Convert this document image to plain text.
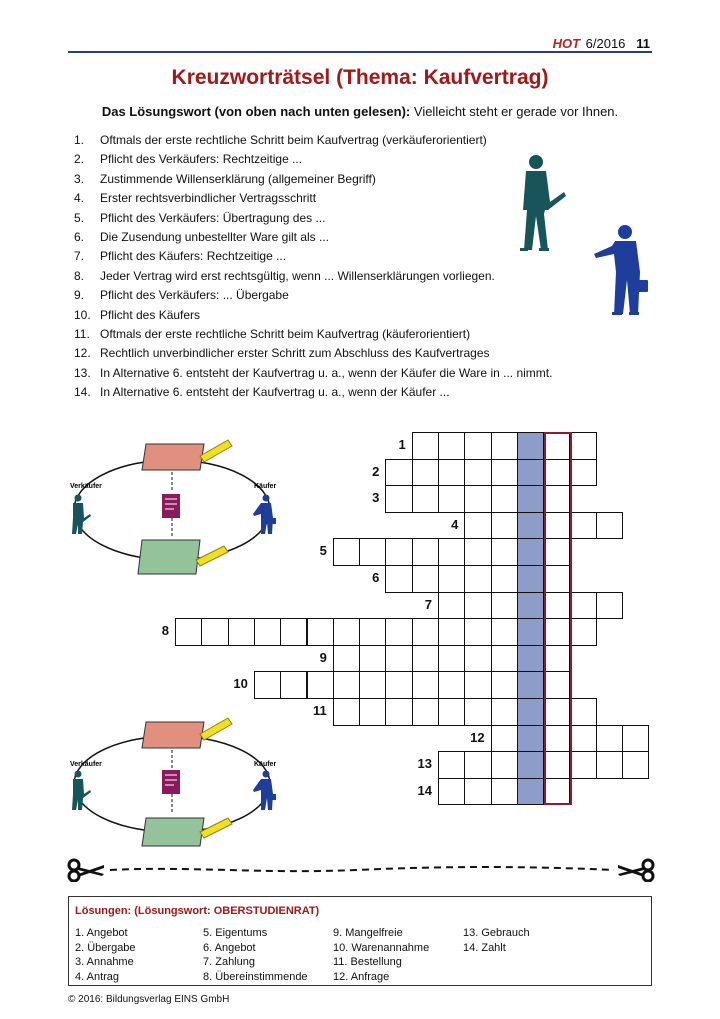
HOT 6/2016 11
Kreuzworträtsel (Thema: Kaufvertrag)
Das Lösungswort (von oben nach unten gelesen): Vielleicht steht er gerade vor Ihnen.
1. Oftmals der erste rechtliche Schritt beim Kaufvertrag (verkäuferorientiert)
2. Pflicht des Verkäufers: Rechtzeitige ...
3. Zustimmende Willenserklärung (allgemeiner Begriff)
4. Erster rechtsverbindlicher Vertragsschritt
5. Pflicht des Verkäufers: Übertragung des ...
6. Die Zusendung unbestellter Ware gilt als ...
7. Pflicht des Käufers: Rechtzeitige ...
8. Jeder Vertrag wird erst rechtsgültig, wenn ... Willenserklärungen vorliegen.
9. Pflicht des Verkäufers: ... Übergabe
10. Pflicht des Käufers
11. Oftmals der erste rechtliche Schritt beim Kaufvertrag (käuferorientiert)
12. Rechtlich unverbindlicher erster Schritt zum Abschluss des Kaufvertrages
13. In Alternative 6. entsteht der Kaufvertrag u. a., wenn der Käufer die Ware in ... nimmt.
14. In Alternative 6. entsteht der Kaufvertrag u. a., wenn der Käufer ...
Verkäufer	Käufer
Verkäufer	Käufer
1
2
3
4
5
6
7
8
9
10
11
12
13
14
Lösungen: (Lösungswort: OBERSTUDIENRAT)
1. Angebot
2. Übergabe
3. Annahme
4. Antrag
5. Eigentums
6. Angebot
7. Zahlung
8. Übereinstimmende
9. Mangelfreie
10. Warenannahme
11. Bestellung
12. Anfrage
13. Gebrauch
14. Zahlt
© 2016: Bildungsverlag EINS GmbH
